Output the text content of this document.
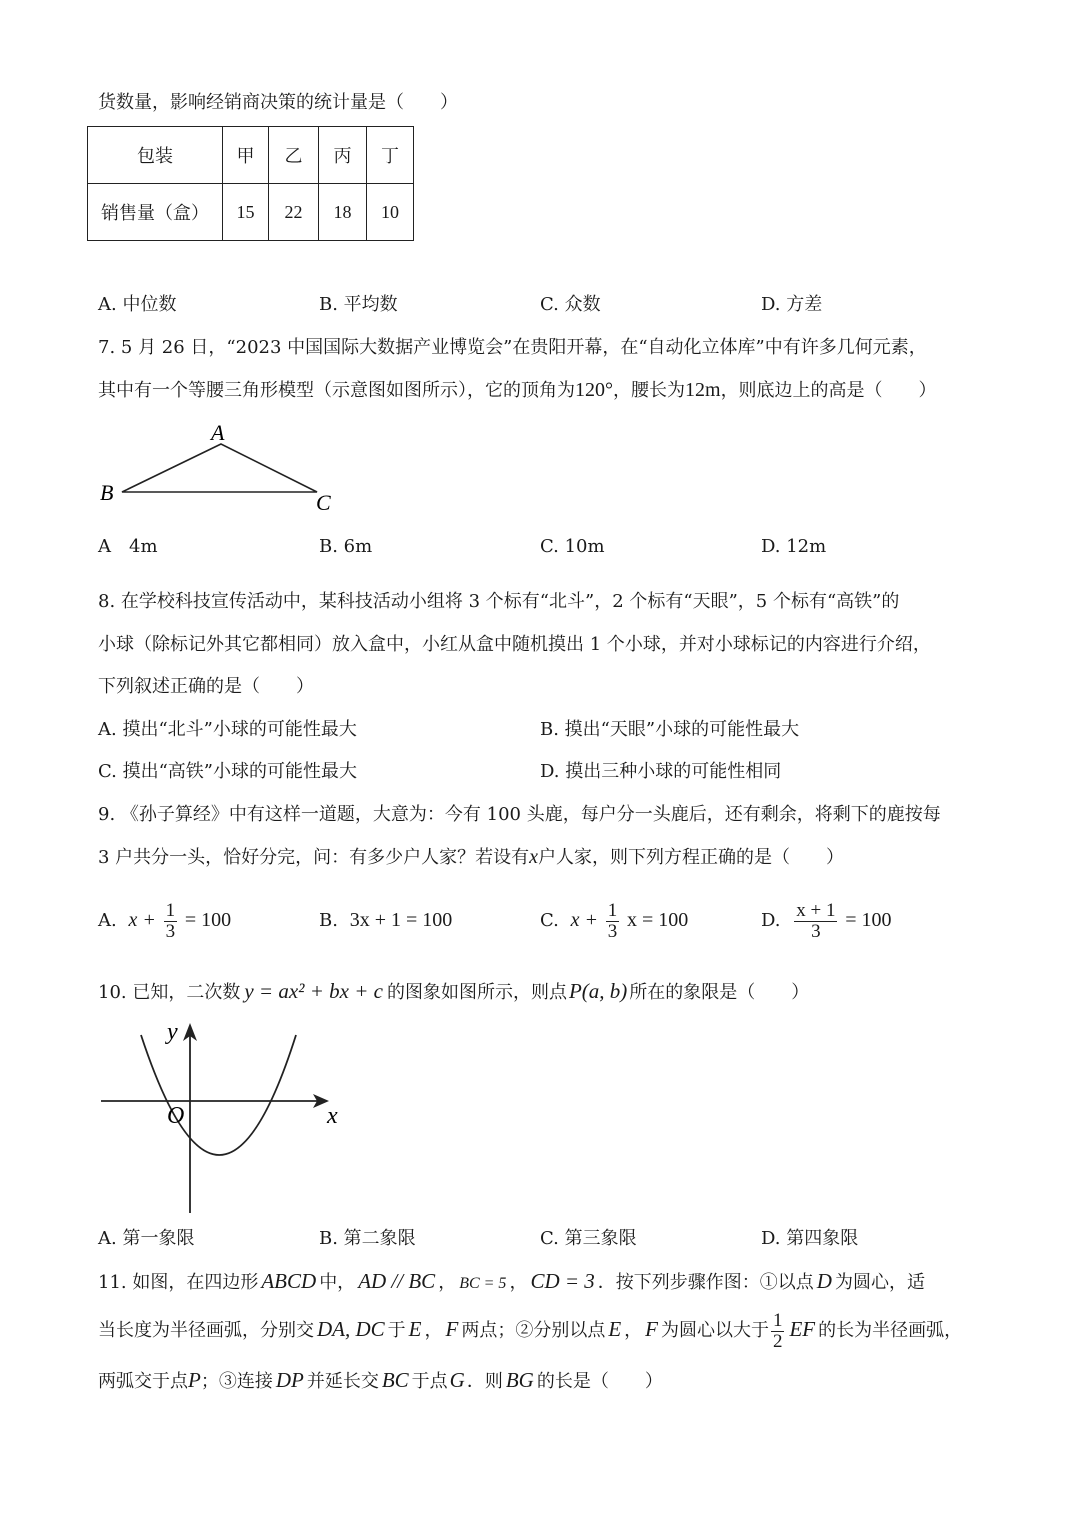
货数量，影响经销商决策的统计量是（　　）
包装	甲	乙	丙	丁
销售量（盒）	15	22	18	10
A. 中位数	B. 平均数	C. 众数	D. 方差
7. 5 月 26 日，“2023 中国国际大数据产业博览会”在贵阳开幕，在“自动化立体库”中有许多几何元素，
其中有一个等腰三角形模型（示意图如图所示），它的顶角为120°，腰长为12m，则底边上的高是（　　）
A
B	C
A　4m	B. 6m	C. 10m	D. 12m
8. 在学校科技宣传活动中，某科技活动小组将 3 个标有“北斗”，2 个标有“天眼”，5 个标有“高铁”的
小球（除标记外其它都相同）放入盒中，小红从盒中随机摸出 1 个小球，并对小球标记的内容进行介绍，
下列叙述正确的是（　　）
A. 摸出“北斗”小球的可能性最大	B. 摸出“天眼”小球的可能性最大
C. 摸出“高铁”小球的可能性最大	D. 摸出三种小球的可能性相同
9. 《孙子算经》中有这样一道题，大意为：今有 100 头鹿，每户分一头鹿后，还有剩余，将剩下的鹿按每
3 户共分一头，恰好分完，问：有多少户人家？若设有x户人家，则下列方程正确的是（　　）
A. $x + \frac{1}{3} = 100$	B. 3x + 1 = 100	C. $x + \frac{1}{3}$ x = 100	D. $\frac{x + 1}{3} = 100$
10. 已知，二次数 y = ax² + bx + c 的图象如图所示，则点P(a, b) 所在的象限是（　　）
x
y
O
A. 第一象限	B. 第二象限	C. 第三象限	D. 第四象限
11. 如图，在四边形 ABCD 中， AD // BC ， BC = 5 ， CD = 3 ．按下列步骤作图：①以点 D 为圆心，适
当长度为半径画弧，分别交 DA, DC 于 E ， F 两点；②分别以点 E ， F 为圆心以大于 $\frac{1}{2}$ EF 的长为半径画弧，
两弧交于点P；③连接 DP 并延长交 BC 于点G ．则 BG 的长是（　　）
